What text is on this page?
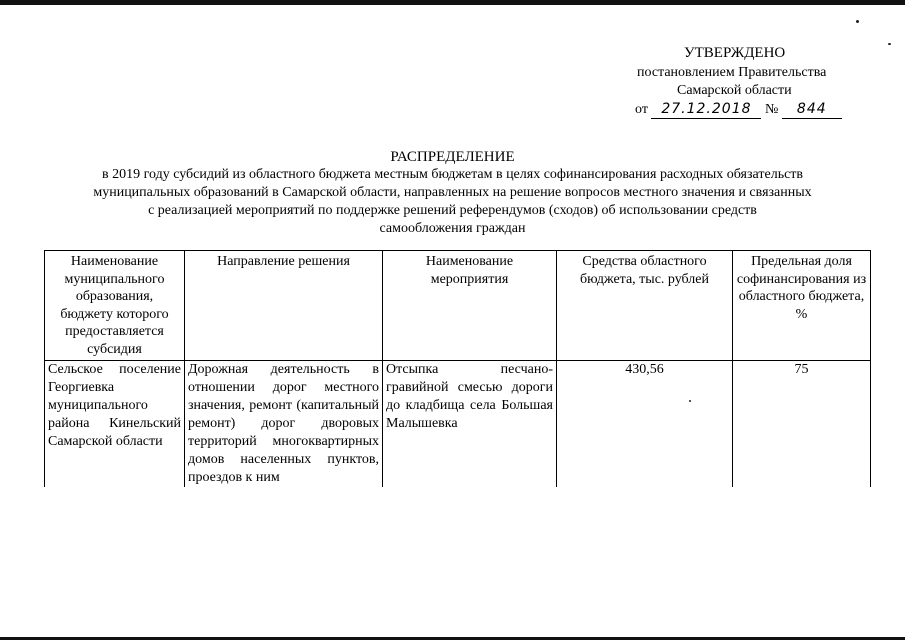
УТВЕРЖДЕНО
постановлением Правительства
Самарской области
от 27.12.2018 № 844
РАСПРЕДЕЛЕНИЕ
в 2019 году субсидий из областного бюджета местным бюджетам в целях софинансирования расходных обязательств
муниципальных образований в Самарской области, направленных на решение вопросов местного значения и связанных
с реализацией мероприятий по поддержке решений референдумов (сходов) об использовании средств
самообложения граждан
Наименование муниципального образования, бюджету которого предоставляется субсидия	Направление решения	Наименование мероприятия	Средства областного бюджета, тыс. рублей	Предельная доля софинансирования из областного бюджета, %
Сельское поселение Георгиевка муниципального района Кинельский Самарской области	Дорожная деятельность в отношении дорог местного значения, ремонт (капитальный ремонт) дорог дворовых территорий многоквартирных домов населенных пунктов, проездов к ним	Отсыпка песчано-гравийной смесью дороги до кладбища села Большая Малышевка	430,56	75
